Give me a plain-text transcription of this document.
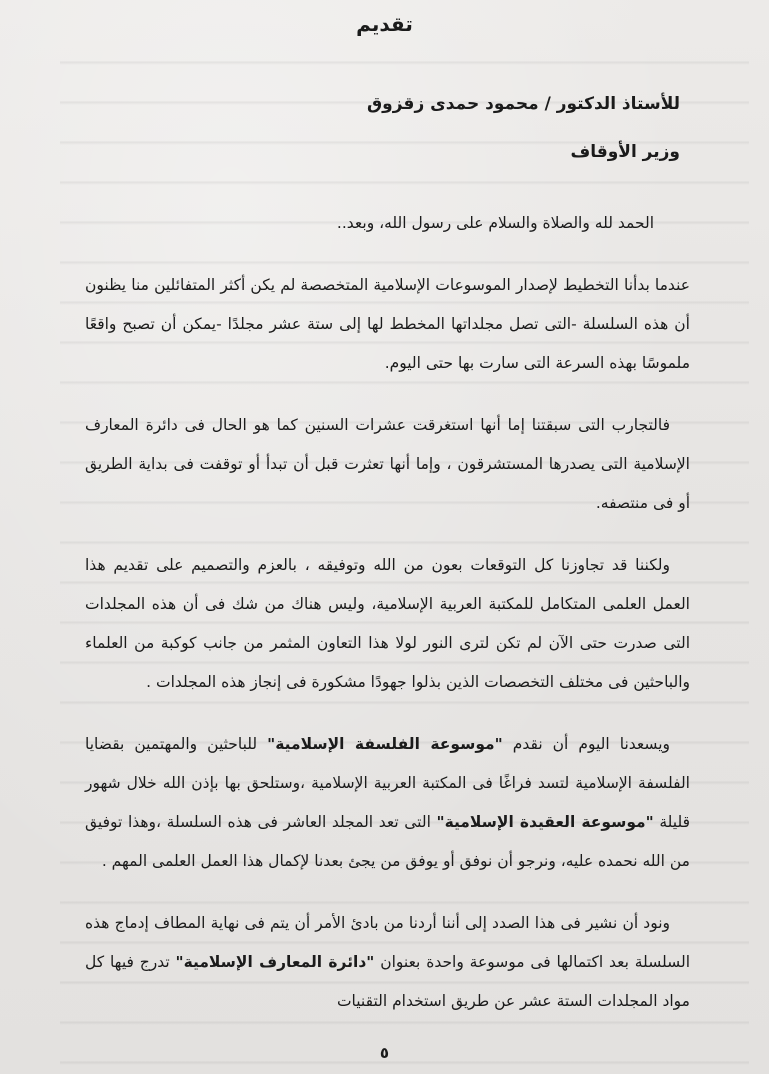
تقديم
للأستاذ الدكتور / محمود حمدى زقزوق
وزير الأوقاف

الحمد لله والصلاة والسلام على رسول الله، وبعد..

عندما بدأنا التخطيط لإصدار الموسوعات الإسلامية المتخصصة لم يكن أكثر المتفائلين منا يظنون أن هذه السلسلة -التى تصل مجلداتها المخطط لها إلى ستة عشر مجلدًا -يمكن أن تصبح واقعًا ملموسًا بهذه السرعة التى سارت بها حتى اليوم.

فالتجارب التى سبقتنا إما أنها استغرقت عشرات السنين كما هو الحال فى دائرة المعارف الإسلامية التى يصدرها المستشرقون ، وإما أنها تعثرت قبل أن تبدأ أو توقفت فى بداية الطريق أو فى منتصفه.

ولكننا قد تجاوزنا كل التوقعات بعون من الله وتوفيقه ، بالعزم والتصميم على تقديم هذا العمل العلمى المتكامل للمكتبة العربية الإسلامية، وليس هناك من شك فى أن هذه المجلدات التى صدرت حتى الآن لم تكن لترى النور لولا هذا التعاون المثمر من جانب كوكبة من العلماء والباحثين فى مختلف التخصصات الذين بذلوا جهودًا مشكورة فى إنجاز هذه المجلدات .

ويسعدنا اليوم أن نقدم "موسوعة الفلسفة الإسلامية" للباحثين والمهتمين بقضايا الفلسفة الإسلامية لتسد فراغًا فى المكتبة العربية الإسلامية ،وستلحق بها بإذن الله خلال شهور قليلة "موسوعة العقيدة الإسلامية" التى تعد المجلد العاشر فى هذه السلسلة ،وهذا توفيق من الله نحمده عليه، ونرجو أن نوفق أو يوفق من يجئ بعدنا لإكمال هذا العمل العلمى المهم .

ونود أن نشير فى هذا الصدد إلى أننا أردنا من بادئ الأمر أن يتم فى نهاية المطاف إدماج هذه السلسلة بعد اكتمالها فى موسوعة واحدة بعنوان "دائرة المعارف الإسلامية" تدرج فيها كل مواد المجلدات الستة عشر عن طريق استخدام التقنيات

٥
